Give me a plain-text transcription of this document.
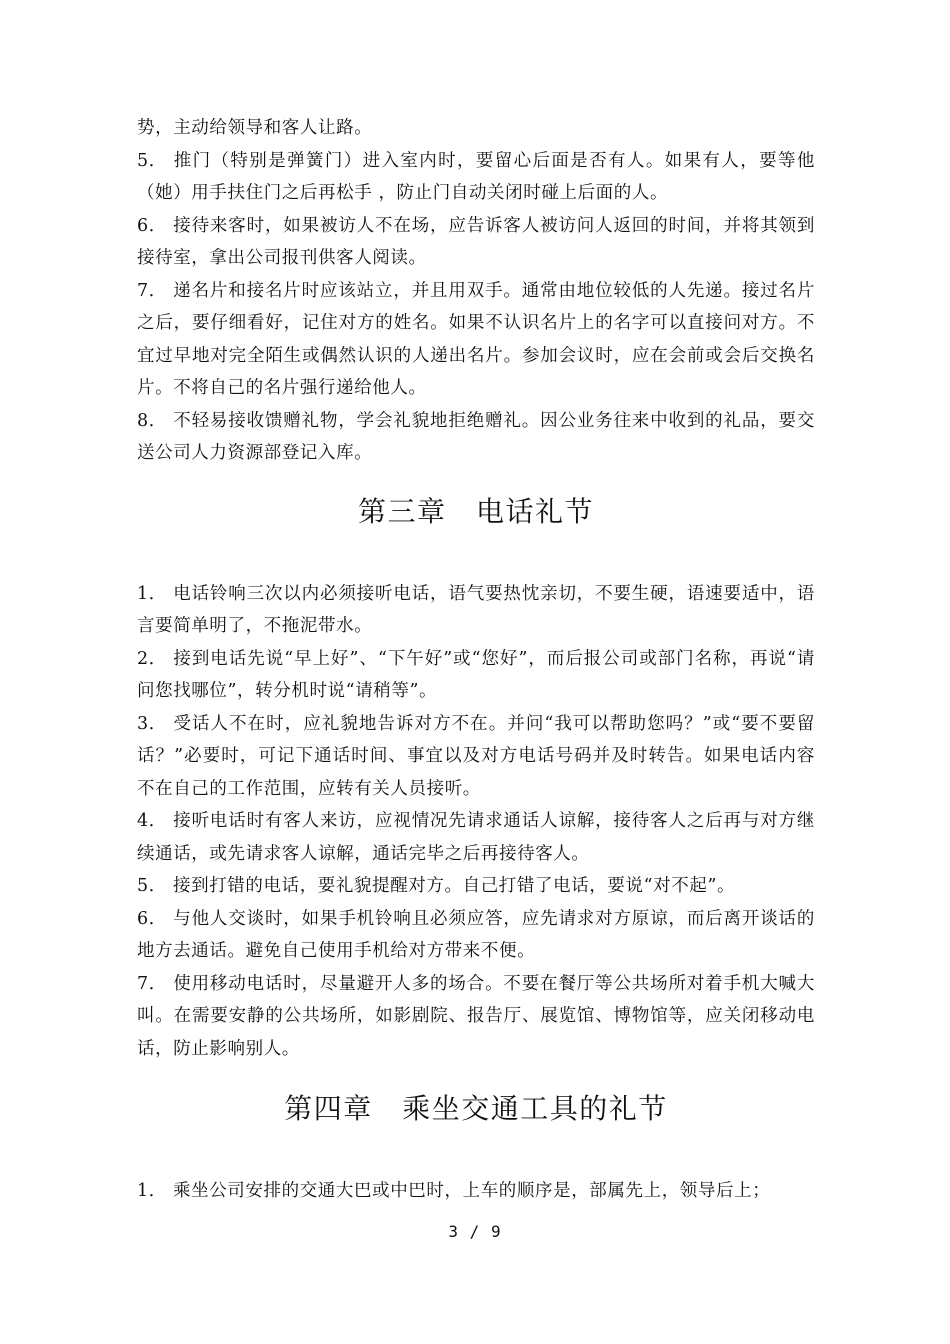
势，主动给领导和客人让路。

5． 推门（特别是弹簧门）进入室内时，要留心后面是否有人。如果有人，要等他（她）用手扶住门之后再松手 ，防止门自动关闭时碰上后面的人。

6． 接待来客时，如果被访人不在场，应告诉客人被访问人返回的时间，并将其领到接待室，拿出公司报刊供客人阅读。

7． 递名片和接名片时应该站立，并且用双手。通常由地位较低的人先递。接过名片之后，要仔细看好，记住对方的姓名。如果不认识名片上的名字可以直接问对方。不宜过早地对完全陌生或偶然认识的人递出名片。参加会议时，应在会前或会后交换名片。不将自己的名片强行递给他人。

8． 不轻易接收馈赠礼物，学会礼貌地拒绝赠礼。因公业务往来中收到的礼品，要交送公司人力资源部登记入库。

第三章　电话礼节

1． 电话铃响三次以内必须接听电话，语气要热忱亲切，不要生硬，语速要适中，语言要简单明了，不拖泥带水。

2． 接到电话先说“早上好”、“下午好”或“您好”，而后报公司或部门名称，再说“请问您找哪位”，转分机时说“请稍等”。

3． 受话人不在时，应礼貌地告诉对方不在。并问“我可以帮助您吗？”或“要不要留话？”必要时，可记下通话时间、事宜以及对方电话号码并及时转告。如果电话内容不在自己的工作范围，应转有关人员接听。

4． 接听电话时有客人来访，应视情况先请求通话人谅解，接待客人之后再与对方继续通话，或先请求客人谅解，通话完毕之后再接待客人。

5． 接到打错的电话，要礼貌提醒对方。自己打错了电话，要说“对不起”。

6． 与他人交谈时，如果手机铃响且必须应答，应先请求对方原谅，而后离开谈话的地方去通话。避免自己使用手机给对方带来不便。

7． 使用移动电话时，尽量避开人多的场合。不要在餐厅等公共场所对着手机大喊大叫。在需要安静的公共场所，如影剧院、报告厅、展览馆、博物馆等，应关闭移动电话，防止影响别人。

第四章　乘坐交通工具的礼节

1． 乘坐公司安排的交通大巴或中巴时，上车的顺序是，部属先上，领导后上；

3 / 9
